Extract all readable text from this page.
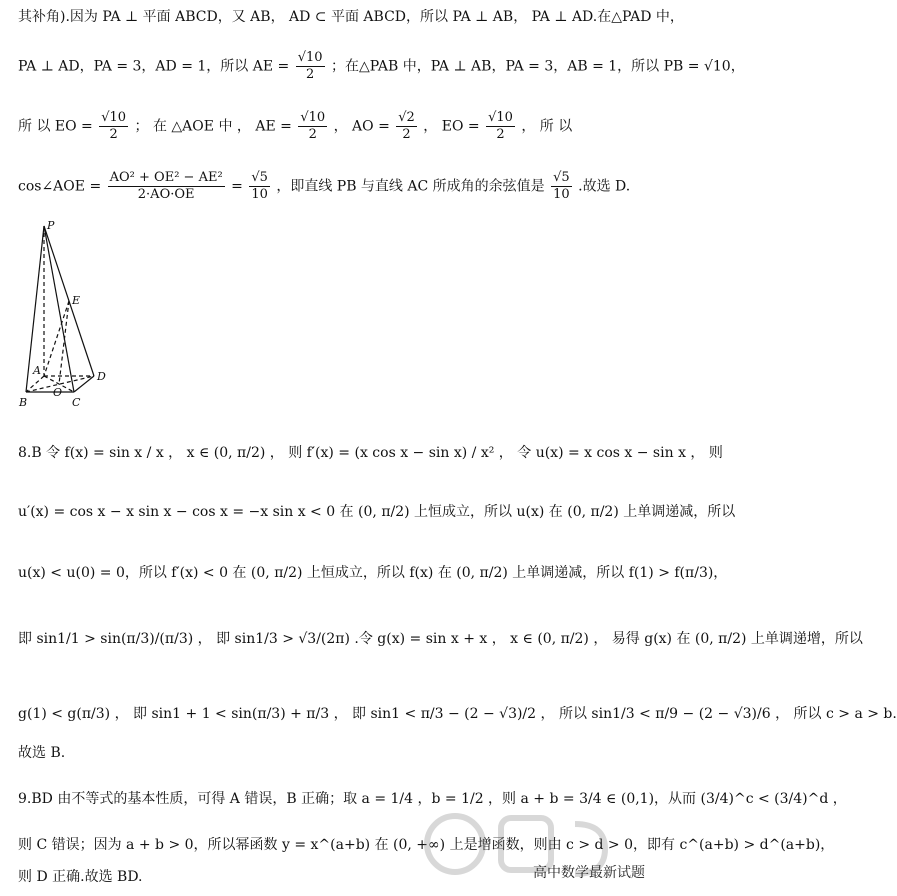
其补角).因为 PA ⊥ 平面 ABCD，又 AB， AD ⊂ 平面 ABCD，所以 PA ⊥ AB， PA ⊥ AD.在△PAD 中，
PA ⊥ AD，PA = 3，AD = 1，所以 AE = $\frac{√10}{2}$ ；在△PAB 中，PA ⊥ AB，PA = 3，AB = 1，所以 PB = √10，
所 以 EO = $\frac{√10}{2}$ ； 在 △AOE 中 ， AE = $\frac{√10}{2}$ ， AO = $\frac{√2}{2}$ ， EO = $\frac{√10}{2}$ ， 所 以
cos∠AOE = $\frac{\text{AO² + OE² − AE²}}{2\cdot AO\cdot OE} = \frac{√5}{10}$ ，即直线 PB 与直线 AC 所成角的余弦值是 $\frac{√5}{10}$ .故选 D.
P
E
A	D
O
B	C
8.B 令 f(x) = sin x / x ， x ∈ (0, π/2) ， 则 f′(x) = (x cos x − sin x) / x² ， 令 u(x) = x cos x − sin x ， 则
u′(x) = cos x − x sin x − cos x = −x sin x < 0 在 (0, π/2) 上恒成立，所以 u(x) 在 (0, π/2) 上单调递减，所以
u(x) < u(0) = 0，所以 f′(x) < 0 在 (0, π/2) 上恒成立，所以 f(x) 在 (0, π/2) 上单调递减，所以 f(1) > f(π/3)，
即 sin1/1 > sin(π/3)/(π/3) ， 即 sin1/3 > √3/(2π) .令 g(x) = sin x + x ， x ∈ (0, π/2) ， 易得 g(x) 在 (0, π/2) 上单调递增，所以
g(1) < g(π/3) ， 即 sin1 + 1 < sin(π/3) + π/3 ， 即 sin1 < π/3 − (2 − √3)/2 ， 所以 sin1/3 < π/9 − (2 − √3)/6 ， 所以 c > a > b.
故选 B.
9.BD 由不等式的基本性质，可得 A 错误，B 正确；取 a = 1/4 ，b = 1/2 ，则 a + b = 3/4 ∈ (0,1)，从而 (3/4)^c < (3/4)^d ，
则 C 错误；因为 a + b > 0，所以幂函数 y = x^(a+b) 在 (0, +∞) 上是增函数，则由 c > d > 0，即有 c^(a+b) > d^(a+b)，
则 D 正确.故选 BD.	高中数学最新试题
